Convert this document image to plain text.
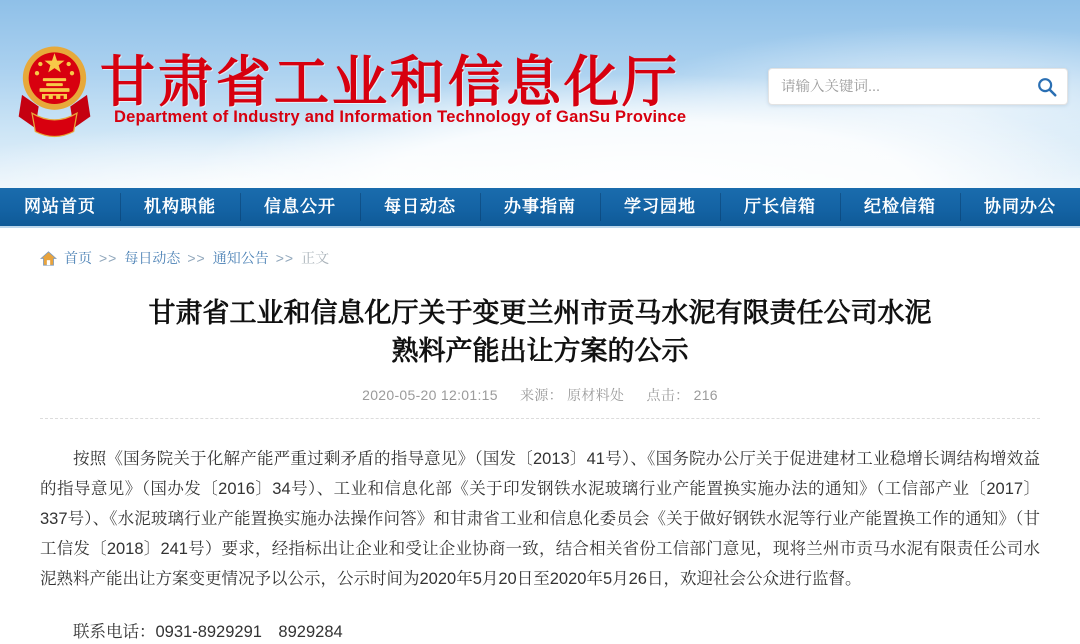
甘肃省工业和信息化厅
Department of Industry and Information Technology of GanSu Province
请输入关键词...
网站首页	机构职能	信息公开	每日动态	办事指南	学习园地	厅长信箱	纪检信箱	协同办公
首页 >> 每日动态 >> 通知公告 >> 正文
甘肃省工业和信息化厅关于变更兰州市贡马水泥有限责任公司水泥熟料产能出让方案的公示
2020-05-20 12:01:15 来源： 原材料处 点击： 216

按照《国务院关于化解产能严重过剩矛盾的指导意见》（国发〔2013〕41号）、《国务院办公厅关于促进建材工业稳增长调结构增效益的指导意见》（国办发〔2016〕34号）、工业和信息化部《关于印发钢铁水泥玻璃行业产能置换实施办法的通知》（工信部产业〔2017〕337号）、《水泥玻璃行业产能置换实施办法操作问答》和甘肃省工业和信息化委员会《关于做好钢铁水泥等行业产能置换工作的通知》（甘工信发〔2018〕241号）要求，经指标出让企业和受让企业协商一致，结合相关省份工信部门意见，现将兰州市贡马水泥有限责任公司水泥熟料产能出让方案变更情况予以公示，公示时间为2020年5月20日至2020年5月26日，欢迎社会公众进行监督。

联系电话：0931-8929291　8929284
